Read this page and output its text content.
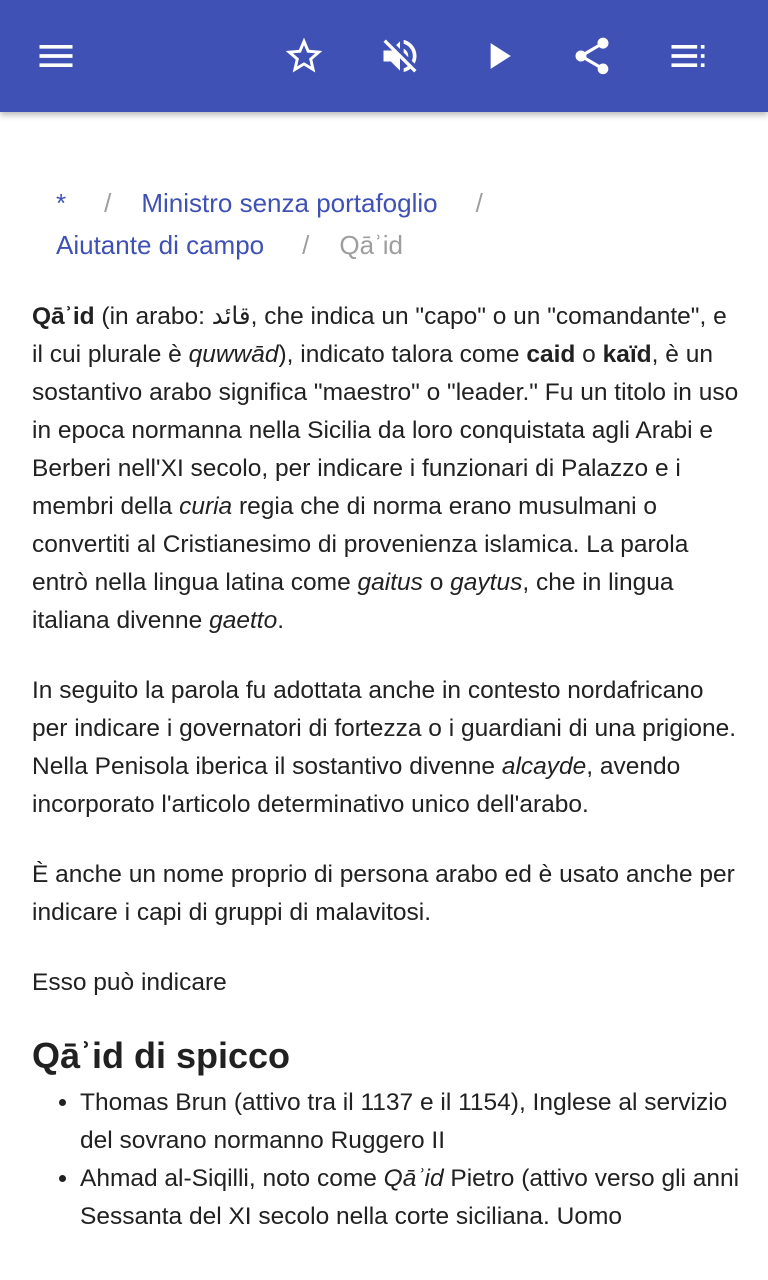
* / Ministro senza portafoglio /
Aiutante di campo / Qāʾid

Qāʾid (in arabo: قائد, che indica un "capo" o un "comandante", e il cui plurale è quwwād), indicato talora come caid o kaïd, è un sostantivo arabo significa "maestro" o "leader." Fu un titolo in uso in epoca normanna nella Sicilia da loro conquistata agli Arabi e Berberi nell'XI secolo, per indicare i funzionari di Palazzo e i membri della curia regia che di norma erano musulmani o convertiti al Cristianesimo di provenienza islamica. La parola entrò nella lingua latina come gaitus o gaytus, che in lingua italiana divenne gaetto.

In seguito la parola fu adottata anche in contesto nordafricano per indicare i governatori di fortezza o i guardiani di una prigione. Nella Penisola iberica il sostantivo divenne alcayde, avendo incorporato l'articolo determinativo unico dell'arabo.

È anche un nome proprio di persona arabo ed è usato anche per indicare i capi di gruppi di malavitosi.

Esso può indicare

Qāʾid di spicco
• Thomas Brun (attivo tra il 1137 e il 1154), Inglese al servizio del sovrano normanno Ruggero II
• Ahmad al-Siqilli, noto come Qāʾid Pietro (attivo verso gli anni Sessanta del XI secolo nella corte siciliana. Uomo
